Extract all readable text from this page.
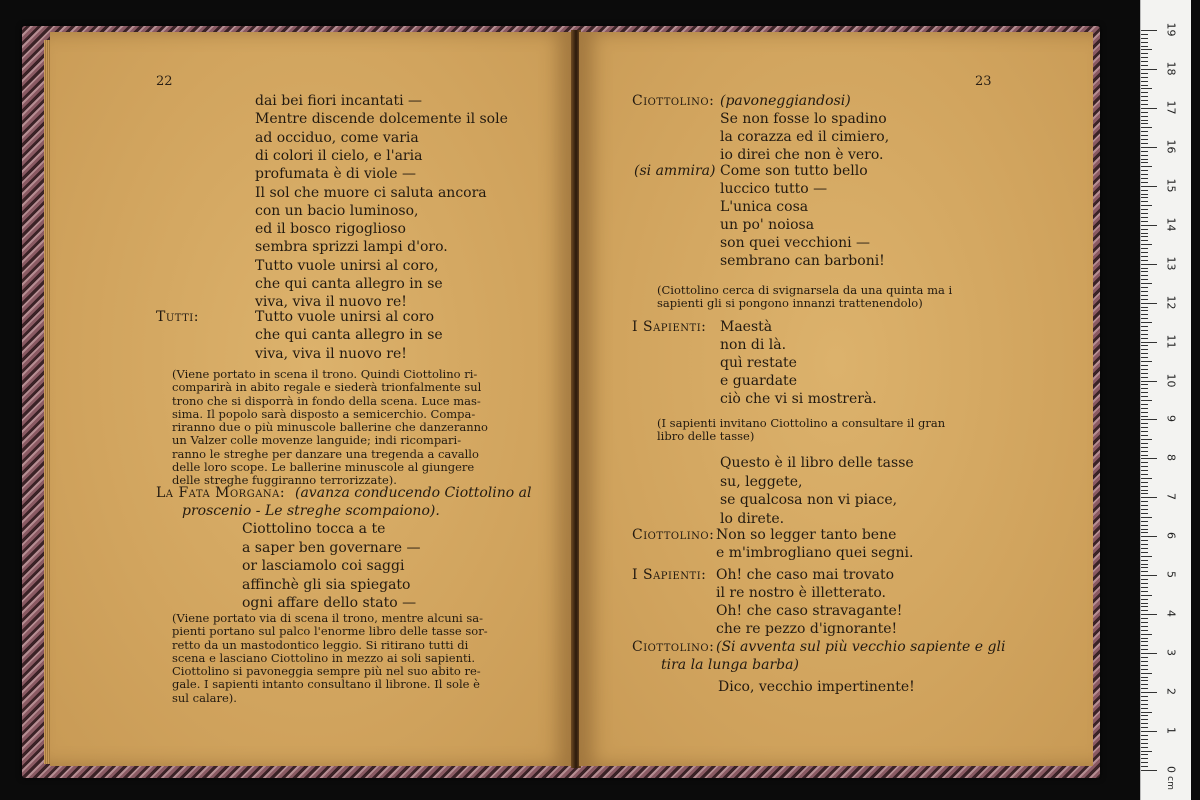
22
dai bei fiori incantati —
Mentre discende dolcemente il sole
ad occiduo, come varia
di colori il cielo, e l'aria
profumata è di viole —
Il sol che muore ci saluta ancora
con un bacio luminoso,
ed il bosco rigoglioso
sembra sprizzi lampi d'oro.
Tutto vuole unirsi al coro,
che qui canta allegro in se
viva, viva il nuovo re!
Tutti:	Tutto vuole unirsi al coro
che qui canta allegro in se
viva, viva il nuovo re!

(Viene portato in scena il trono. Quindi Ciottolino ri-

comparirà in abito regale e siederà trionfalmente sul

trono che si disporrà in fondo della scena. Luce mas-

sima. Il popolo sarà disposto a semicerchio. Compa-

riranno due o più minuscole ballerine che danzeranno

un Valzer colle movenze languide; indi ricompari-

ranno le streghe per danzare una tregenda a cavallo

delle loro scope. Le ballerine minuscole al giungere

delle streghe fuggiranno terrorizzate).

La Fata Morgana: (avanza conducendo Ciottolino al
proscenio - Le streghe scompaiono).
Ciottolino tocca a te
a saper ben governare —
or lasciamolo coi saggi
affinchè gli sia spiegato
ogni affare dello stato —

(Viene portato via di scena il trono, mentre alcuni sa-

pienti portano sul palco l'enorme libro delle tasse sor-

retto da un mastodontico leggio. Si ritirano tutti di

scena e lasciano Ciottolino in mezzo ai soli sapienti.

Ciottolino si pavoneggia sempre più nel suo abito re-

gale. I sapienti intanto consultano il librone. Il sole è

sul calare).

23
Ciottolino: (pavoneggiandosi)
Se non fosse lo spadino
la corazza ed il cimiero,
io direi che non è vero.
(si ammira) Come son tutto bello
luccico tutto —
L'unica cosa
un po' noiosa
son quei vecchioni —
sembrano can barboni!

(Ciottolino cerca di svignarsela da una quinta ma i

sapienti gli si pongono innanzi trattenendolo)

I Sapienti: Maestà
non di là.
quì restate
e guardate
ciò che vi si mostrerà.

(I sapienti invitano Ciottolino a consultare il gran

libro delle tasse)

Questo è il libro delle tasse
su, leggete,
se qualcosa non vi piace,
lo direte.
Ciottolino: Non so legger tanto bene
e m'imbrogliano quei segni.
I Sapienti: Oh! che caso mai trovato
il re nostro è illetterato.
Oh! che caso stravagante!
che re pezzo d'ignorante!
Ciottolino: (Si avventa sul più vecchio sapiente e gli
tira la lunga barba)
Dico, vecchio impertinente!
19
18
17
16
15
14
13
12
11
10
9
8
7
6
5
4
3
2
1
0
cm
